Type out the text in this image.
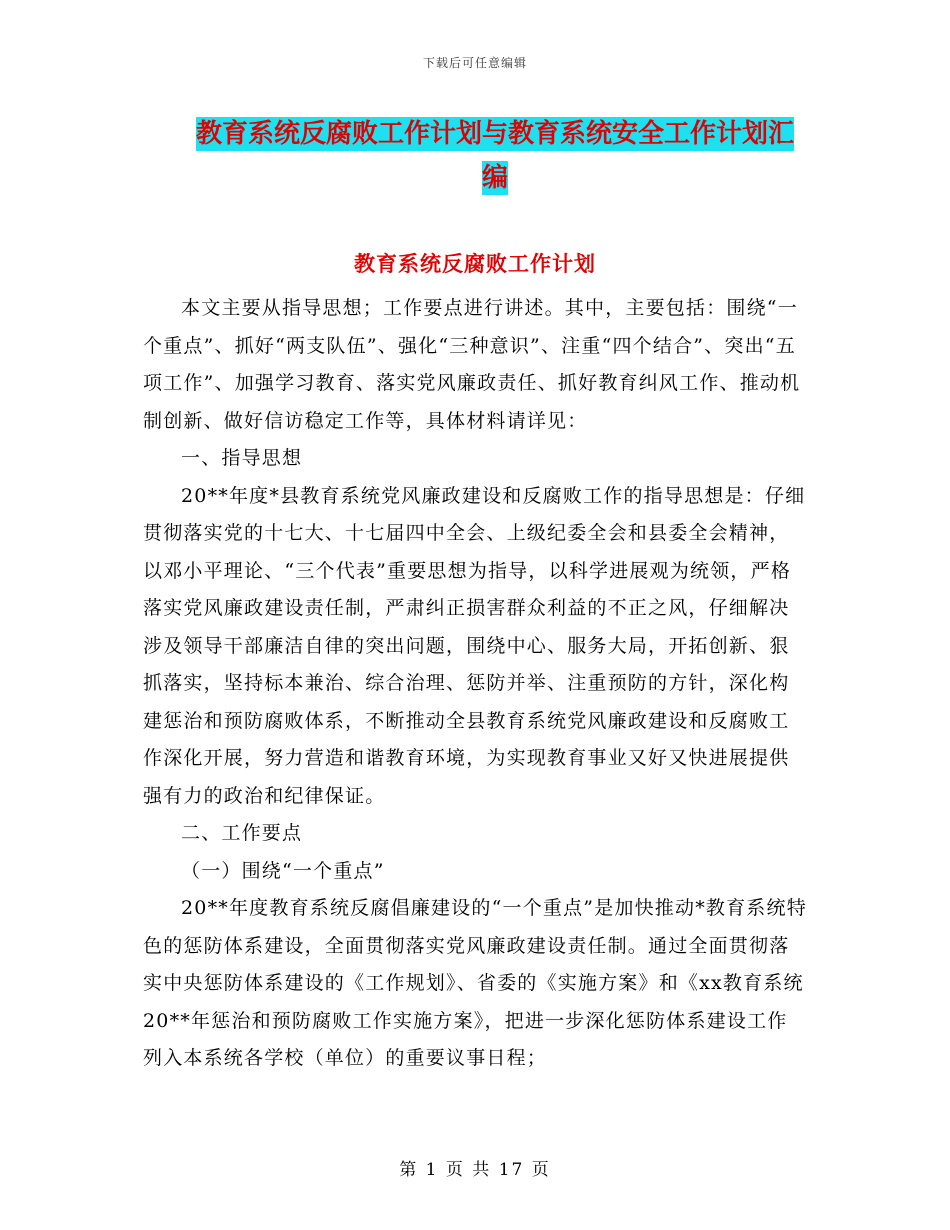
下载后可任意编辑
教育系统反腐败工作计划与教育系统安全工作计划汇编
教育系统反腐败工作计划

本文主要从指导思想；工作要点进行讲述。其中，主要包括：围绕“一个重点”、抓好“两支队伍”、强化“三种意识”、注重“四个结合”、突出“五项工作”、加强学习教育、落实党风廉政责任、抓好教育纠风工作、推动机制创新、做好信访稳定工作等，具体材料请详见：

一、指导思想

20**年度*县教育系统党风廉政建设和反腐败工作的指导思想是：仔细贯彻落实党的十七大、十七届四中全会、上级纪委全会和县委全会精神，以邓小平理论、“三个代表”重要思想为指导，以科学进展观为统领，严格落实党风廉政建设责任制，严肃纠正损害群众利益的不正之风，仔细解决涉及领导干部廉洁自律的突出问题，围绕中心、服务大局，开拓创新、狠抓落实，坚持标本兼治、综合治理、惩防并举、注重预防的方针，深化构建惩治和预防腐败体系，不断推动全县教育系统党风廉政建设和反腐败工作深化开展，努力营造和谐教育环境，为实现教育事业又好又快进展提供强有力的政治和纪律保证。

二、工作要点

（一）围绕“一个重点”

20**年度教育系统反腐倡廉建设的“一个重点”是加快推动*教育系统特色的惩防体系建设，全面贯彻落实党风廉政建设责任制。通过全面贯彻落实中央惩防体系建设的《工作规划》、省委的《实施方案》和《xx教育系统20**年惩治和预防腐败工作实施方案》，把进一步深化惩防体系建设工作列入本系统各学校（单位）的重要议事日程；

第 1 页 共 17 页
